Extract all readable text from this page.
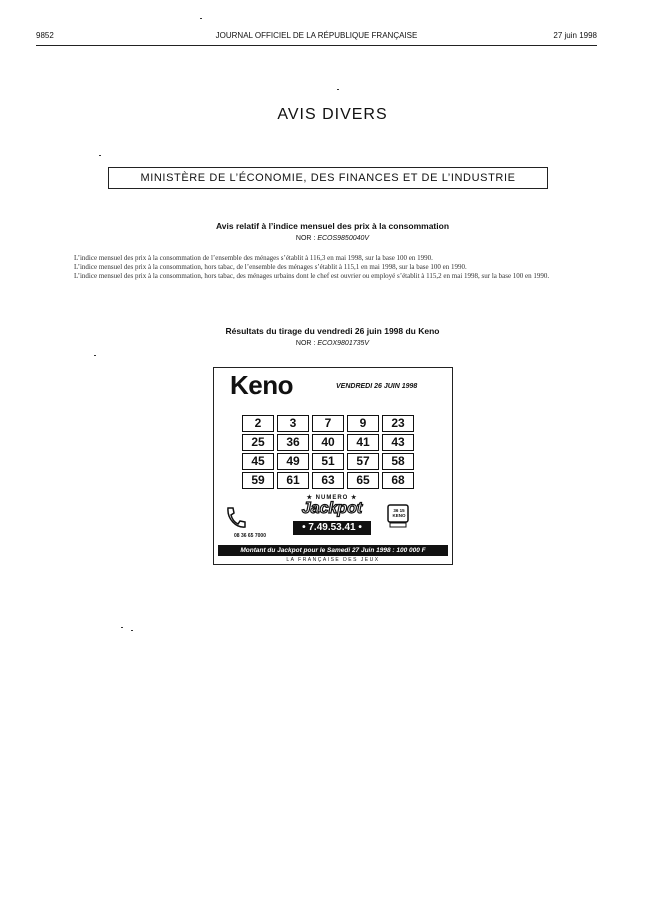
9852	JOURNAL OFFICIEL DE LA RÉPUBLIQUE FRANÇAISE	27 juin 1998
AVIS DIVERS
MINISTÈRE DE L’ÉCONOMIE, DES FINANCES ET DE L’INDUSTRIE
Avis relatif à l’indice mensuel des prix à la consommation
NOR : ECOS9850040V

L’indice mensuel des prix à la consommation de l’ensemble des ménages s’établit à 116,3 en mai 1998, sur la base 100 en 1990.

L’indice mensuel des prix à la consommation, hors tabac, de l’ensemble des ménages s’établit à 115,1 en mai 1998, sur la base 100 en 1990.

L’indice mensuel des prix à la consommation, hors tabac, des ménages urbains dont le chef est ouvrier ou employé s’établit à 115,2 en mai 1998, sur la base 100 en 1990.

Résultats du tirage du vendredi 26 juin 1998 du Keno
NOR : ECOX9801735V
Keno	VENDREDI 26 JUIN 1998
2	3	7	9	23
25	36	40	41	43
45	49	51	57	58
59	61	63	65	68
08 36 65 7000
★ NUMERO ★
Jackpot
• 7.49.53.41 •
36 15 KENO
Montant du Jackpot pour le Samedi 27 Juin 1998 : 100 000 F
LA FRANÇAISE DES JEUX
